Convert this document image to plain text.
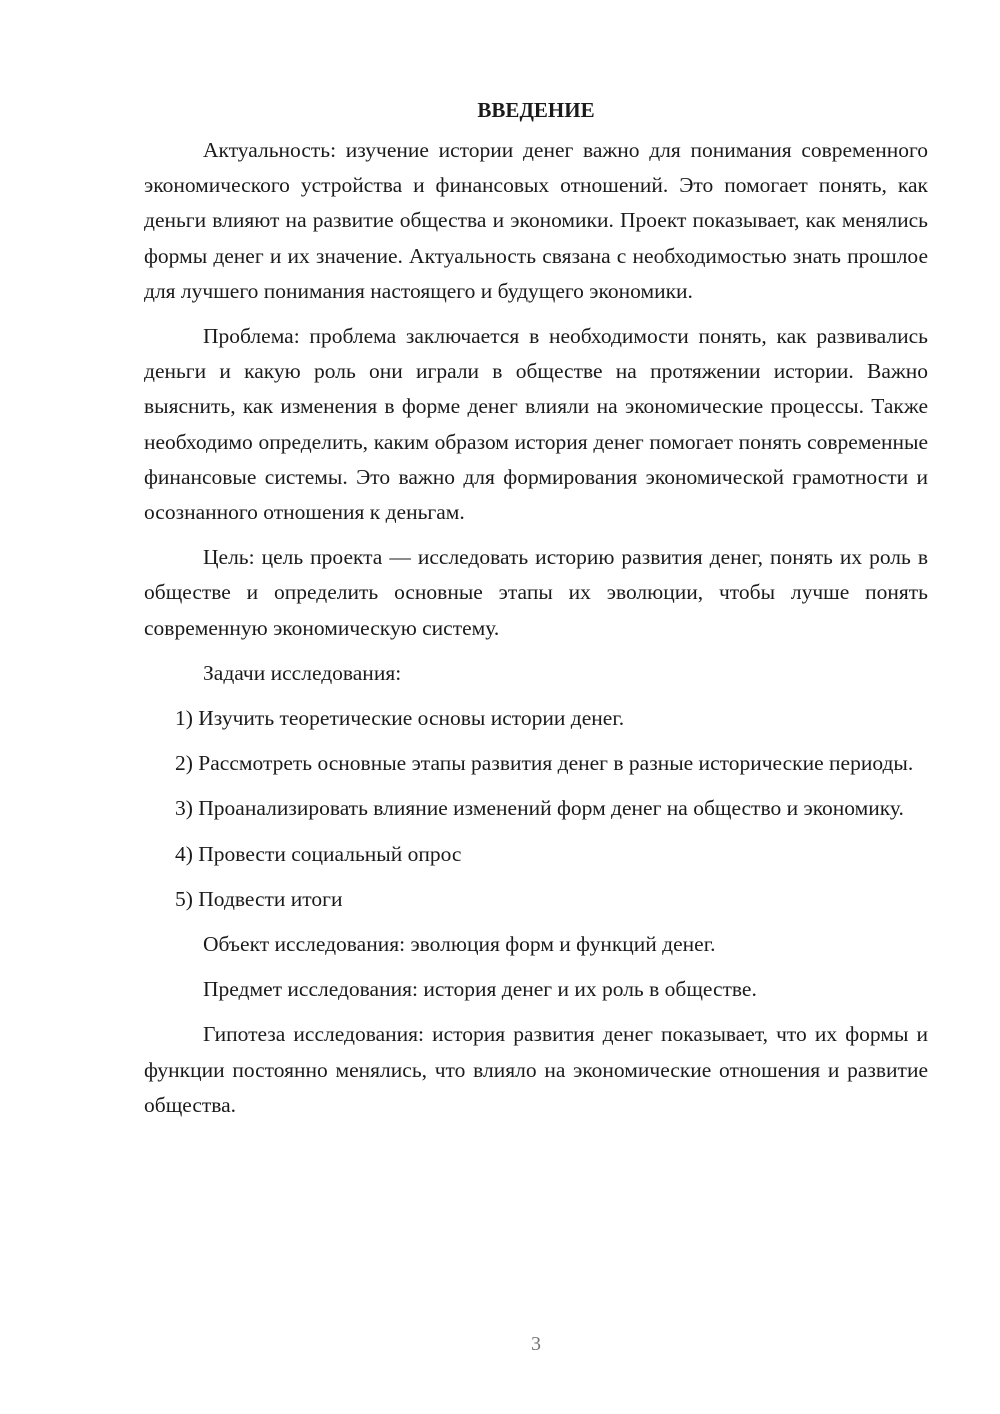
ВВЕДЕНИЕ

Актуальность: изучение истории денег важно для понимания современного экономического устройства и финансовых отношений. Это помогает понять, как деньги влияют на развитие общества и экономики. Проект показывает, как менялись формы денег и их значение. Актуальность связана с необходимостью знать прошлое для лучшего понимания настоящего и будущего экономики.

Проблема: проблема заключается в необходимости понять, как развивались деньги и какую роль они играли в обществе на протяжении истории. Важно выяснить, как изменения в форме денег влияли на экономические процессы. Также необходимо определить, каким образом история денег помогает понять современные финансовые системы. Это важно для формирования экономической грамотности и осознанного отношения к деньгам.

Цель: цель проекта — исследовать историю развития денег, понять их роль в обществе и определить основные этапы их эволюции, чтобы лучше понять современную экономическую систему.

Задачи исследования:

1) Изучить теоретические основы истории денег.

2) Рассмотреть основные этапы развития денег в разные исторические периоды.

3) Проанализировать влияние изменений форм денег на общество и экономику.

4) Провести социальный опрос

5) Подвести итоги

Объект исследования: эволюция форм и функций денег.

Предмет исследования: история денег и их роль в обществе.

Гипотеза исследования: история развития денег показывает, что их формы и функции постоянно менялись, что влияло на экономические отношения и развитие общества.

3
